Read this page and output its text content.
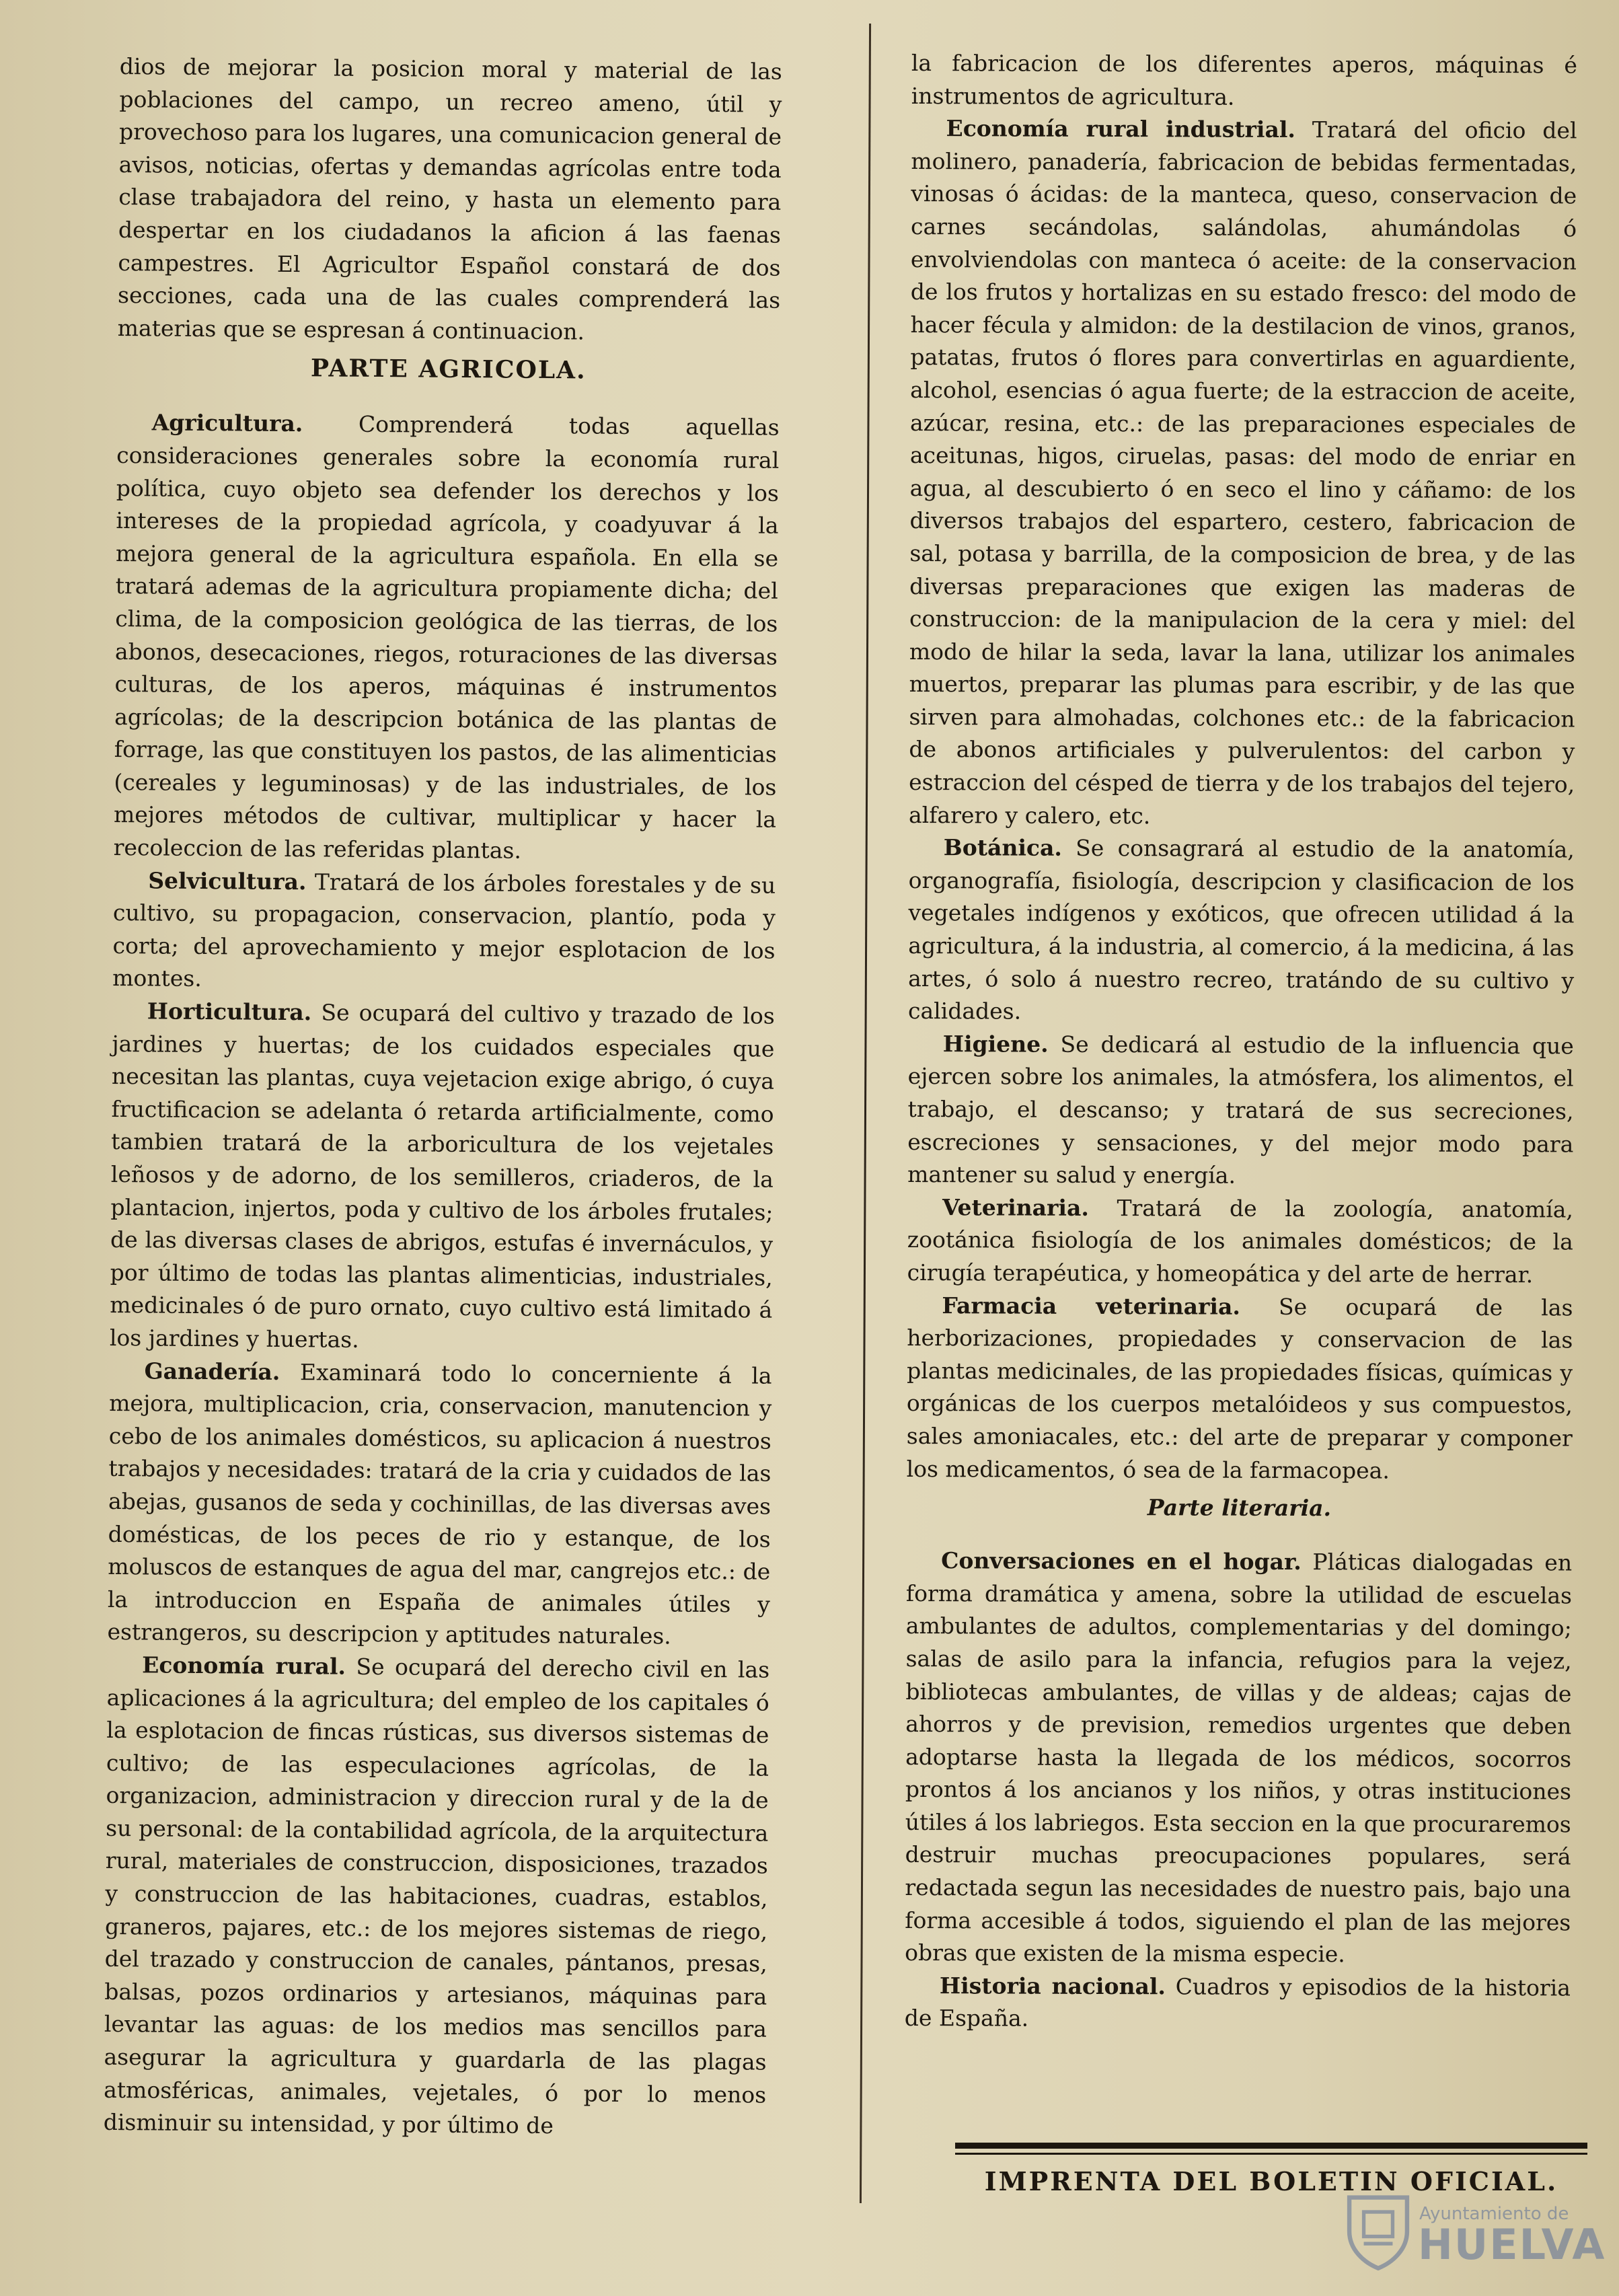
dios de mejorar la posicion moral y material de las poblaciones del campo, un recreo ameno, útil y provechoso para los lugares, una comunicacion general de avisos, noticias, ofertas y demandas agrícolas entre toda clase trabajadora del reino, y hasta un elemento para despertar en los ciudadanos la aficion á las faenas campestres. El Agricultor Español constará de dos secciones, cada una de las cuales comprenderá las materias que se espresan á continuacion.

PARTE AGRICOLA.

Agricultura. Comprenderá todas aquellas consideraciones generales sobre la economía rural política, cuyo objeto sea defender los derechos y los intereses de la propiedad agrícola, y coadyuvar á la mejora general de la agricultura española. En ella se tratará ademas de la agricultura propiamente dicha; del clima, de la composicion geológica de las tierras, de los abonos, desecaciones, riegos, roturaciones de las diversas culturas, de los aperos, máquinas é instrumentos agrícolas; de la descripcion botánica de las plantas de forrage, las que constituyen los pastos, de las alimenticias (cereales y leguminosas) y de las industriales, de los mejores métodos de cultivar, multiplicar y hacer la recoleccion de las referidas plantas.

Selvicultura. Tratará de los árboles forestales y de su cultivo, su propagacion, conservacion, plantío, poda y corta; del aprovechamiento y mejor esplotacion de los montes.

Horticultura. Se ocupará del cultivo y trazado de los jardines y huertas; de los cuidados especiales que necesitan las plantas, cuya vejetacion exige abrigo, ó cuya fructificacion se adelanta ó retarda artificialmente, como tambien tratará de la arboricultura de los vejetales leñosos y de adorno, de los semilleros, criaderos, de la plantacion, injertos, poda y cultivo de los árboles frutales; de las diversas clases de abrigos, estufas é invernáculos, y por último de todas las plantas alimenticias, industriales, medicinales ó de puro ornato, cuyo cultivo está limitado á los jardines y huertas.

Ganadería. Examinará todo lo concerniente á la mejora, multiplicacion, cria, conservacion, manutencion y cebo de los animales domésticos, su aplicacion á nuestros trabajos y necesidades: tratará de la cria y cuidados de las abejas, gusanos de seda y cochinillas, de las diversas aves domésticas, de los peces de rio y estanque, de los moluscos de estanques de agua del mar, cangrejos etc.: de la introduccion en España de animales útiles y estrangeros, su descripcion y aptitudes naturales.

Economía rural. Se ocupará del derecho civil en las aplicaciones á la agricultura; del empleo de los capitales ó la esplotacion de fincas rústicas, sus diversos sistemas de cultivo; de las especulaciones agrícolas, de la organizacion, administracion y direccion rural y de la de su personal: de la contabilidad agrícola, de la arquitectura rural, materiales de construccion, disposiciones, trazados y construccion de las habitaciones, cuadras, establos, graneros, pajares, etc.: de los mejores sistemas de riego, del trazado y construccion de canales, pántanos, presas, balsas, pozos ordinarios y artesianos, máquinas para levantar las aguas: de los medios mas sencillos para asegurar la agricultura y guardarla de las plagas atmosféricas, animales, vejetales, ó por lo menos disminuir su intensidad, y por último de

la fabricacion de los diferentes aperos, máquinas é instrumentos de agricultura.

Economía rural industrial. Tratará del oficio del molinero, panadería, fabricacion de bebidas fermentadas, vinosas ó ácidas: de la manteca, queso, conservacion de carnes secándolas, salándolas, ahumándolas ó envolviendolas con manteca ó aceite: de la conservacion de los frutos y hortalizas en su estado fresco: del modo de hacer fécula y almidon: de la destilacion de vinos, granos, patatas, frutos ó flores para convertirlas en aguardiente, alcohol, esencias ó agua fuerte; de la estraccion de aceite, azúcar, resina, etc.: de las preparaciones especiales de aceitunas, higos, ciruelas, pasas: del modo de enriar en agua, al descubierto ó en seco el lino y cáñamo: de los diversos trabajos del espartero, cestero, fabricacion de sal, potasa y barrilla, de la composicion de brea, y de las diversas preparaciones que exigen las maderas de construccion: de la manipulacion de la cera y miel: del modo de hilar la seda, lavar la lana, utilizar los animales muertos, preparar las plumas para escribir, y de las que sirven para almohadas, colchones etc.: de la fabricacion de abonos artificiales y pulverulentos: del carbon y estraccion del césped de tierra y de los trabajos del tejero, alfarero y calero, etc.

Botánica. Se consagrará al estudio de la anatomía, organografía, fisiología, descripcion y clasificacion de los vegetales indígenos y exóticos, que ofrecen utilidad á la agricultura, á la industria, al comercio, á la medicina, á las artes, ó solo á nuestro recreo, tratándo de su cultivo y calidades.

Higiene. Se dedicará al estudio de la influencia que ejercen sobre los animales, la atmósfera, los alimentos, el trabajo, el descanso; y tratará de sus secreciones, escreciones y sensaciones, y del mejor modo para mantener su salud y energía.

Veterinaria. Tratará de la zoología, anatomía, zootánica fisiología de los animales domésticos; de la cirugía terapéutica, y homeopática y del arte de herrar.

Farmacia veterinaria. Se ocupará de las herborizaciones, propiedades y conservacion de las plantas medicinales, de las propiedades físicas, químicas y orgánicas de los cuerpos metalóideos y sus compuestos, sales amoniacales, etc.: del arte de preparar y componer los medicamentos, ó sea de la farmacopea.

Parte literaria.

Conversaciones en el hogar. Pláticas dialogadas en forma dramática y amena, sobre la utilidad de escuelas ambulantes de adultos, complementarias y del domingo; salas de asilo para la infancia, refugios para la vejez, bibliotecas ambulantes, de villas y de aldeas; cajas de ahorros y de prevision, remedios urgentes que deben adoptarse hasta la llegada de los médicos, socorros prontos á los ancianos y los niños, y otras instituciones útiles á los labriegos. Esta seccion en la que procuraremos destruir muchas preocupaciones populares, será redactada segun las necesidades de nuestro pais, bajo una forma accesible á todos, siguiendo el plan de las mejores obras que existen de la misma especie.

Historia nacional. Cuadros y episodios de la historia de España.

IMPRENTA DEL BOLETIN OFICIAL.
Ayuntamiento de
HUELVA
